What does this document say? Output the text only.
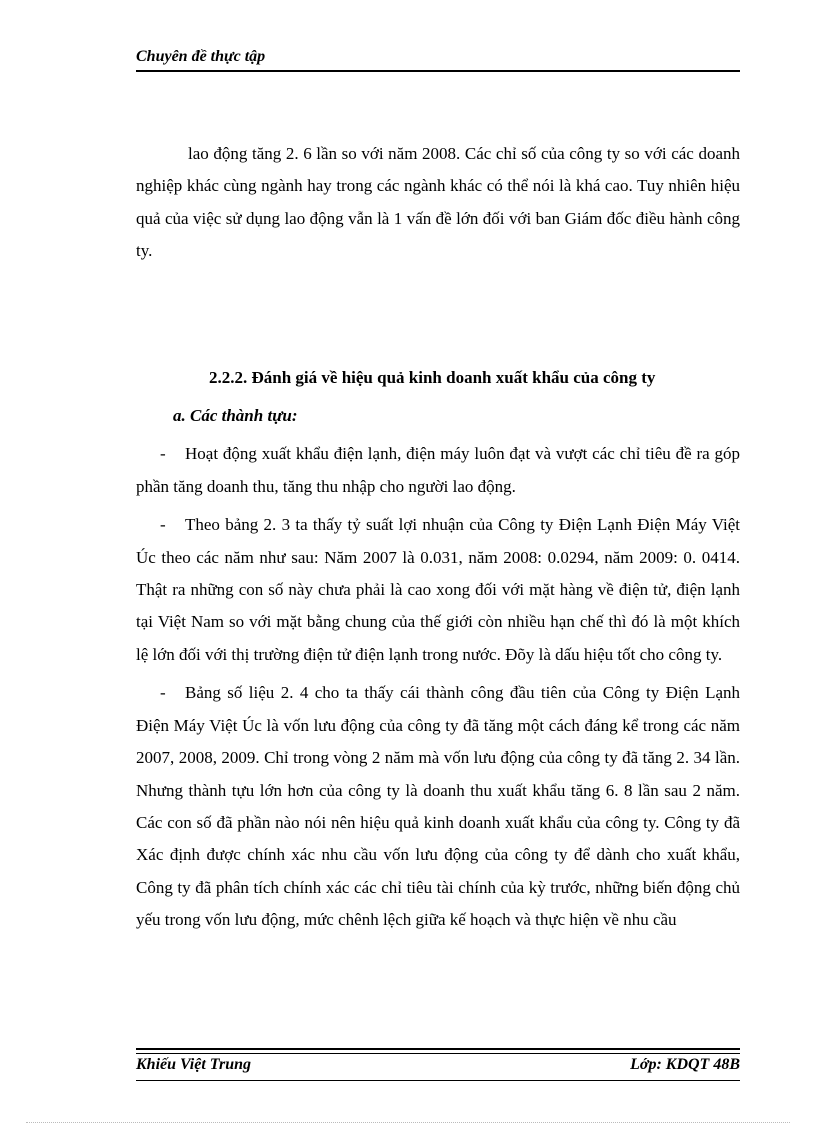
Chuyên đề thực tập

lao động tăng 2. 6 lần so với năm 2008. Các chỉ số của công ty so với các doanh nghiệp khác cùng ngành hay trong các ngành khác có thể nói là khá cao. Tuy nhiên hiệu quả của việc sử dụng lao động vẫn là 1 vấn đề lớn đối với ban Giám đốc điều hành công ty.

2.2.2. Đánh giá về hiệu quả kinh doanh xuất khẩu của công ty

a. Các thành tựu:

- Hoạt động xuất khẩu điện lạnh, điện máy luôn đạt và vượt các chỉ tiêu đề ra góp phần tăng doanh thu, tăng thu nhập cho người lao động.

- Theo bảng 2. 3 ta thấy tỷ suất lợi nhuận của Công ty Điện Lạnh Điện Máy Việt Úc theo các năm như sau: Năm 2007 là 0.031, năm 2008: 0.0294, năm 2009: 0. 0414. Thật ra những con số này chưa phải là cao xong đối với mặt hàng về điện tử, điện lạnh tại Việt Nam so với mặt bằng chung của thế giới còn nhiều hạn chế thì đó là một khích lệ lớn đối với thị trường điện tử điện lạnh trong nước. Đõy là dấu hiệu tốt cho công ty.

- Bảng số liệu 2. 4 cho ta thấy cái thành công đầu tiên của Công ty Điện Lạnh Điện Máy Việt Úc là vốn lưu động của công ty đã tăng một cách đáng kể trong các năm 2007, 2008, 2009. Chỉ trong vòng 2 năm mà vốn lưu động của công ty đã tăng 2. 34 lần. Nhưng thành tựu lớn hơn của công ty là doanh thu xuất khẩu tăng 6. 8 lần sau 2 năm. Các con số đã phần nào nói nên hiệu quả kinh doanh xuất khẩu của công ty. Công ty đã Xác định được chính xác nhu cầu vốn lưu động của công ty để dành cho xuất khẩu, Công ty đã phân tích chính xác các chỉ tiêu tài chính của kỳ trước, những biến động chủ yếu trong vốn lưu động, mức chênh lệch giữa kế hoạch và thực hiện về nhu cầu

Khiếu Việt Trung	Lớp: KDQT 48B
